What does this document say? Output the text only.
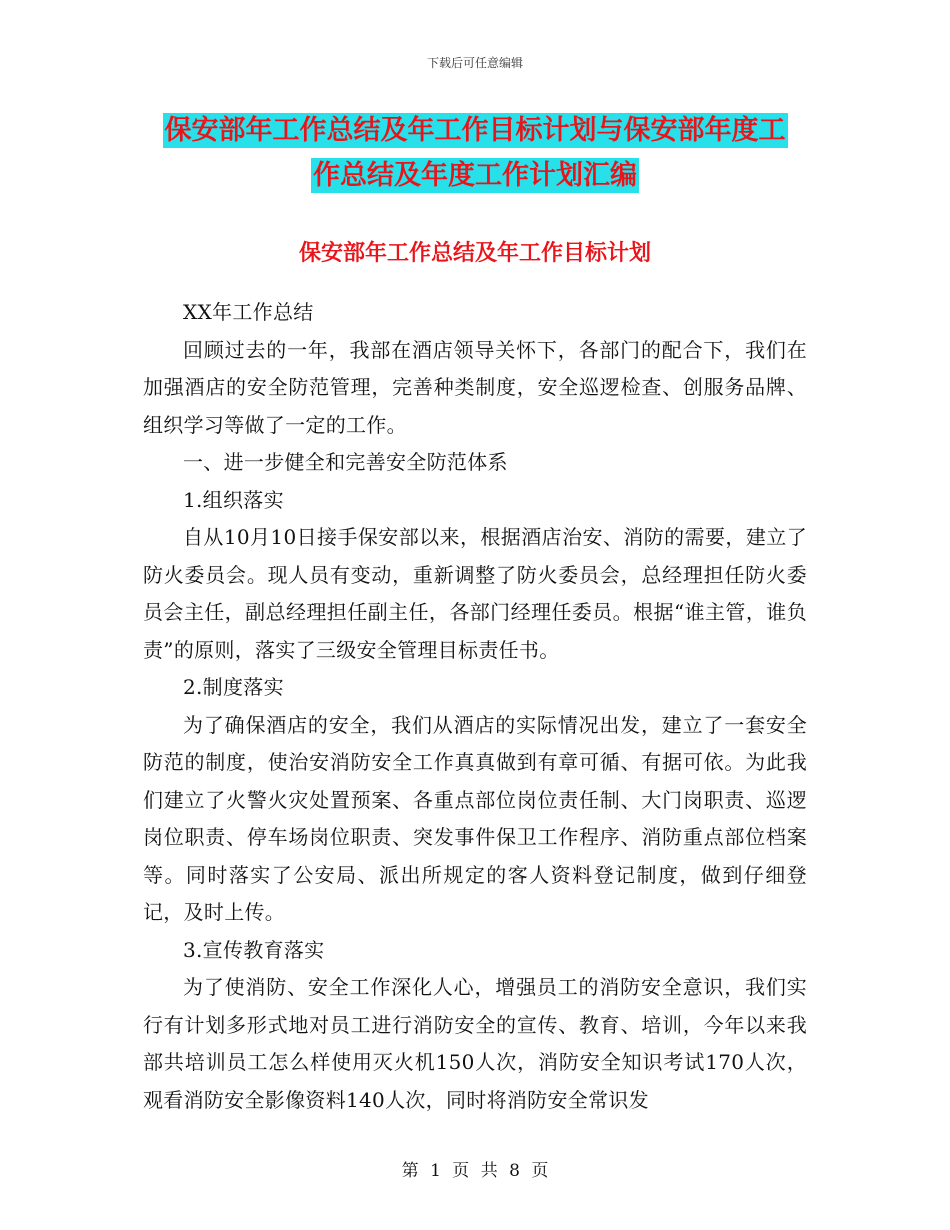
下载后可任意编辑
保安部年工作总结及年工作目标计划与保安部年度工
作总结及年度工作计划汇编
保安部年工作总结及年工作目标计划

XX年工作总结

回顾过去的一年，我部在酒店领导关怀下，各部门的配合下，我们在加强酒店的安全防范管理，完善种类制度，安全巡逻检查、创服务品牌、组织学习等做了一定的工作。

一、进一步健全和完善安全防范体系

1.组织落实

自从10月10日接手保安部以来，根据酒店治安、消防的需要，建立了防火委员会。现人员有变动，重新调整了防火委员会，总经理担任防火委员会主任，副总经理担任副主任，各部门经理任委员。根据“谁主管，谁负责”的原则，落实了三级安全管理目标责任书。

2.制度落实

为了确保酒店的安全，我们从酒店的实际情况出发，建立了一套安全防范的制度，使治安消防安全工作真真做到有章可循、有据可依。为此我们建立了火警火灾处置预案、各重点部位岗位责任制、大门岗职责、巡逻岗位职责、停车场岗位职责、突发事件保卫工作程序、消防重点部位档案等。同时落实了公安局、派出所规定的客人资料登记制度，做到仔细登记，及时上传。

3.宣传教育落实

为了使消防、安全工作深化人心，增强员工的消防安全意识，我们实行有计划多形式地对员工进行消防安全的宣传、教育、培训，今年以来我部共培训员工怎么样使用灭火机150人次，消防安全知识考试170人次，观看消防安全影像资料140人次，同时将消防安全常识发

第 1 页 共 8 页
